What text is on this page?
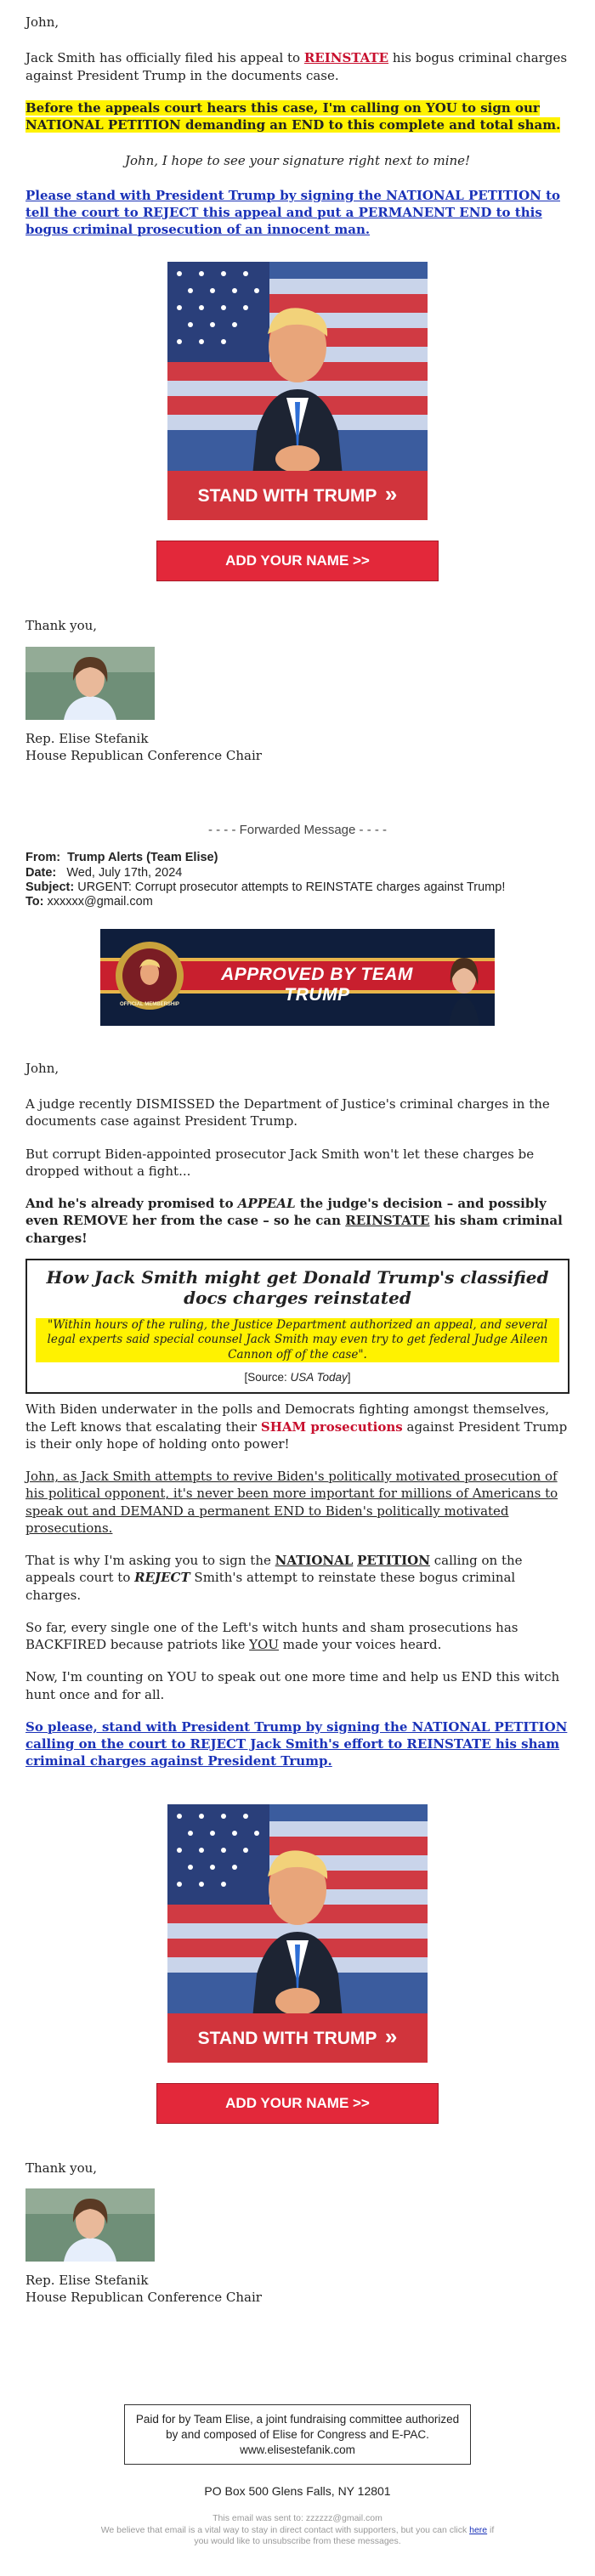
John,

Jack Smith has officially filed his appeal to REINSTATE his bogus criminal charges against President Trump in the documents case.

Before the appeals court hears this case, I'm calling on YOU to sign our NATIONAL PETITION demanding an END to this complete and total sham.

John, I hope to see your signature right next to mine!

Please stand with President Trump by signing the NATIONAL PETITION to tell the court to REJECT this appeal and put a PERMANENT END to this bogus criminal prosecution of an innocent man.

STAND WITH TRUMP »
ADD YOUR NAME >>

Thank you,

Rep. Elise Stefanik

House Republican Conference Chair

- - - - Forwarded Message - - - -

From: Trump Alerts (Team Elise)
Date: Wed, July 17th, 2024
Subject: URGENT: Corrupt prosecutor attempts to REINSTATE charges against Trump!
To: xxxxxx@gmail.com
OFFICIAL MEMBERSHIP
APPROVED BY TEAM TRUMP

John,

A judge recently DISMISSED the Department of Justice's criminal charges in the documents case against President Trump.

But corrupt Biden-appointed prosecutor Jack Smith won't let these charges be dropped without a fight...

And he's already promised to APPEAL the judge's decision – and possibly even REMOVE her from the case – so he can REINSTATE his sham criminal charges!

How Jack Smith might get Donald Trump's classified docs charges reinstated
"Within hours of the ruling, the Justice Department authorized an appeal, and several legal experts said special counsel Jack Smith may even try to get federal Judge Aileen Cannon off of the case".
[Source: USA Today]

With Biden underwater in the polls and Democrats fighting amongst themselves, the Left knows that escalating their SHAM prosecutions against President Trump is their only hope of holding onto power!

John, as Jack Smith attempts to revive Biden's politically motivated prosecution of his political opponent, it's never been more important for millions of Americans to speak out and DEMAND a permanent END to Biden's politically motivated prosecutions.

That is why I'm asking you to sign the NATIONAL PETITION calling on the appeals court to REJECT Smith's attempt to reinstate these bogus criminal charges.

So far, every single one of the Left's witch hunts and sham prosecutions has BACKFIRED because patriots like YOU made your voices heard.

Now, I'm counting on YOU to speak out one more time and help us END this witch hunt once and for all.

So please, stand with President Trump by signing the NATIONAL PETITION calling on the court to REJECT Jack Smith's effort to REINSTATE his sham criminal charges against President Trump.

STAND WITH TRUMP »
ADD YOUR NAME >>

Thank you,

Rep. Elise Stefanik

House Republican Conference Chair

Paid for by Team Elise, a joint fundraising committee authorized by and composed of Elise for Congress and E-PAC. www.elisestefanik.com

PO Box 500 Glens Falls, NY 12801

This email was sent to: zzzzzz@gmail.com
We believe that email is a vital way to stay in direct contact with supporters, but you can click here if you would like to unsubscribe from these messages.
